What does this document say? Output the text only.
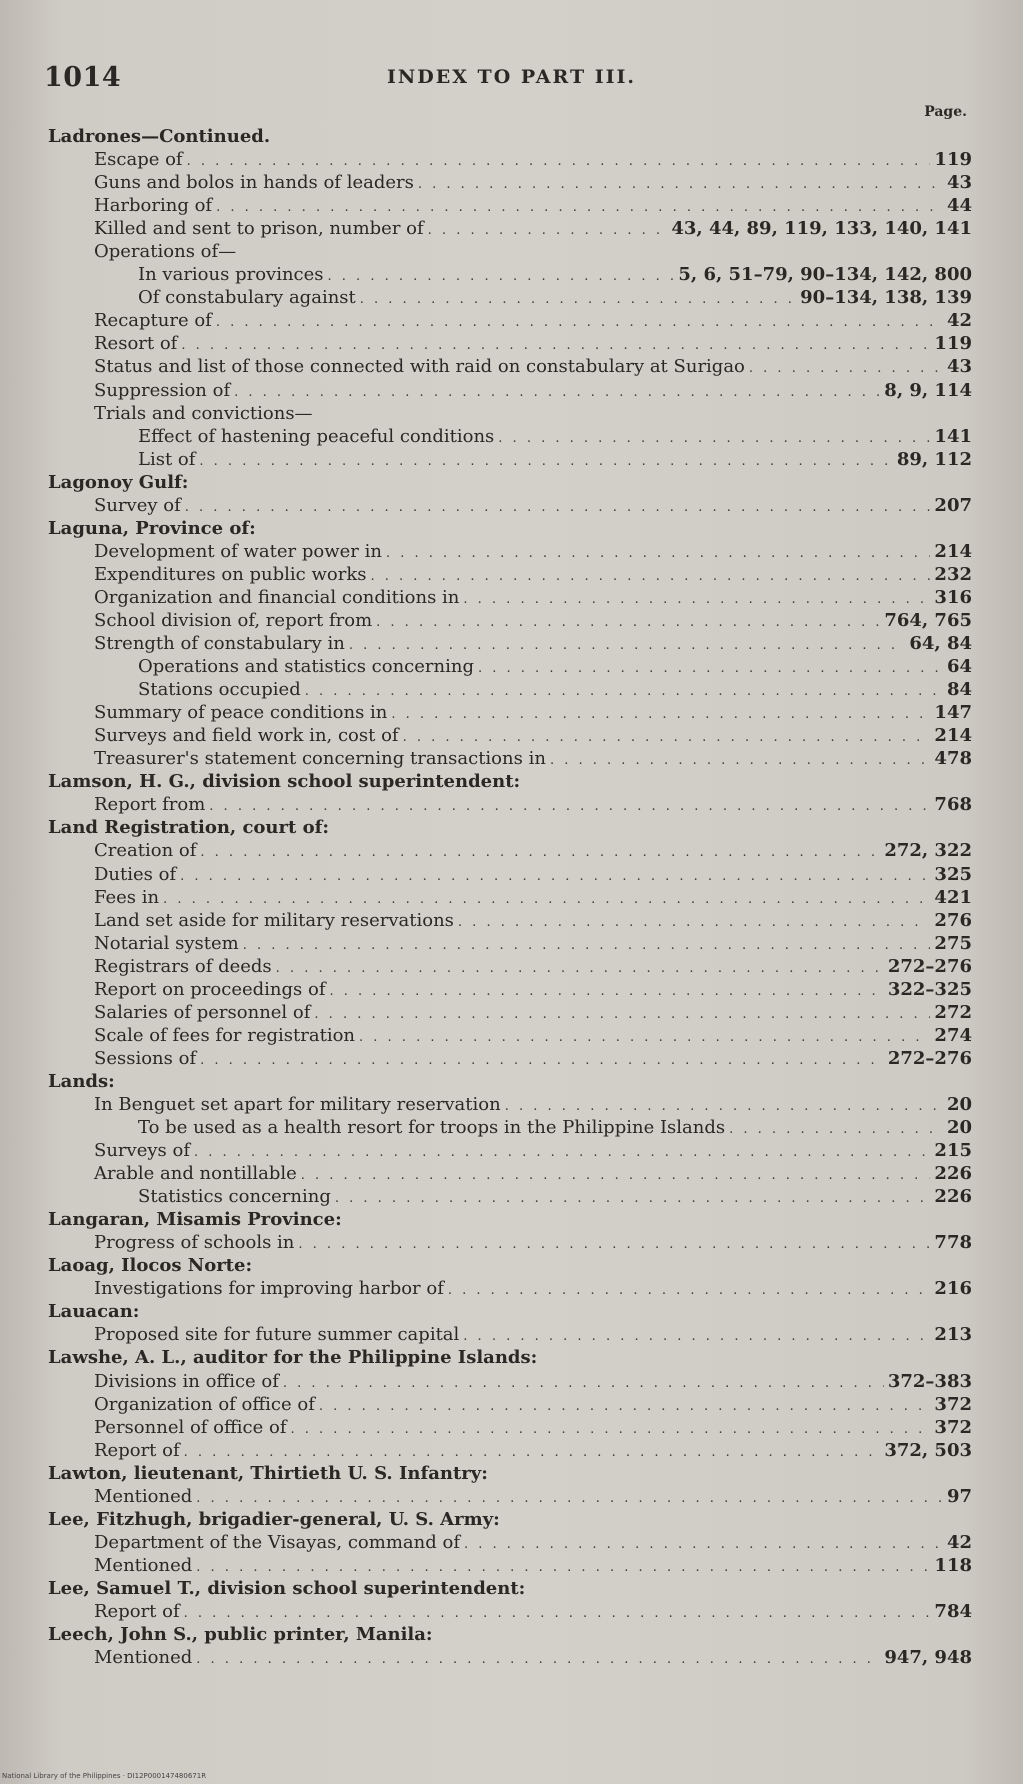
1014	INDEX TO PART III.
Page.
Ladrones—Continued.
Escape of . . .	119
Guns and bolos in hands of leaders . . .	43
Harboring of . . .	44
Killed and sent to prison, number of . . .	43, 44, 89, 119, 133, 140, 141
Operations of—
In various provinces . . .	5, 6, 51–79, 90–134, 142, 800
Of constabulary against . . .	90–134, 138, 139
Recapture of . . .	42
Resort of . . .	119
Status and list of those connected with raid on constabulary at Surigao . . .	43
Suppression of . . .	8, 9, 114
Trials and convictions—
Effect of hastening peaceful conditions . . .	141
List of . . .	89, 112
Lagonoy Gulf:
Survey of . . .	207
Laguna, Province of:
Development of water power in . . .	214
Expenditures on public works . . .	232
Organization and financial conditions in . . .	316
School division of, report from . . .	764, 765
Strength of constabulary in . . .	64, 84
Operations and statistics concerning . . .	64
Stations occupied . . .	84
Summary of peace conditions in . . .	147
Surveys and field work in, cost of . . .	214
Treasurer's statement concerning transactions in . . .	478
Lamson, H. G., division school superintendent:
Report from . . .	768
Land Registration, court of:
Creation of . . .	272, 322
Duties of . . .	325
Fees in . . .	421
Land set aside for military reservations . . .	276
Notarial system . . .	275
Registrars of deeds . . .	272–276
Report on proceedings of . . .	322–325
Salaries of personnel of . . .	272
Scale of fees for registration . . .	274
Sessions of . . .	272–276
Lands:
In Benguet set apart for military reservation . . .	20
To be used as a health resort for troops in the Philippine Islands . . .	20
Surveys of . . .	215
Arable and nontillable . . .	226
Statistics concerning . . .	226
Langaran, Misamis Province:
Progress of schools in . . .	778
Laoag, Ilocos Norte:
Investigations for improving harbor of . . .	216
Lauacan:
Proposed site for future summer capital . . .	213
Lawshe, A. L., auditor for the Philippine Islands:
Divisions in office of . . .	372–383
Organization of office of . . .	372
Personnel of office of . . .	372
Report of . . .	372, 503
Lawton, lieutenant, Thirtieth U. S. Infantry:
Mentioned . . .	97
Lee, Fitzhugh, brigadier-general, U. S. Army:
Department of the Visayas, command of . . .	42
Mentioned . . .	118
Lee, Samuel T., division school superintendent:
Report of . . .	784
Leech, John S., public printer, Manila:
Mentioned . . .	947, 948
National Library of the Philippines · DI12P000147480671R
